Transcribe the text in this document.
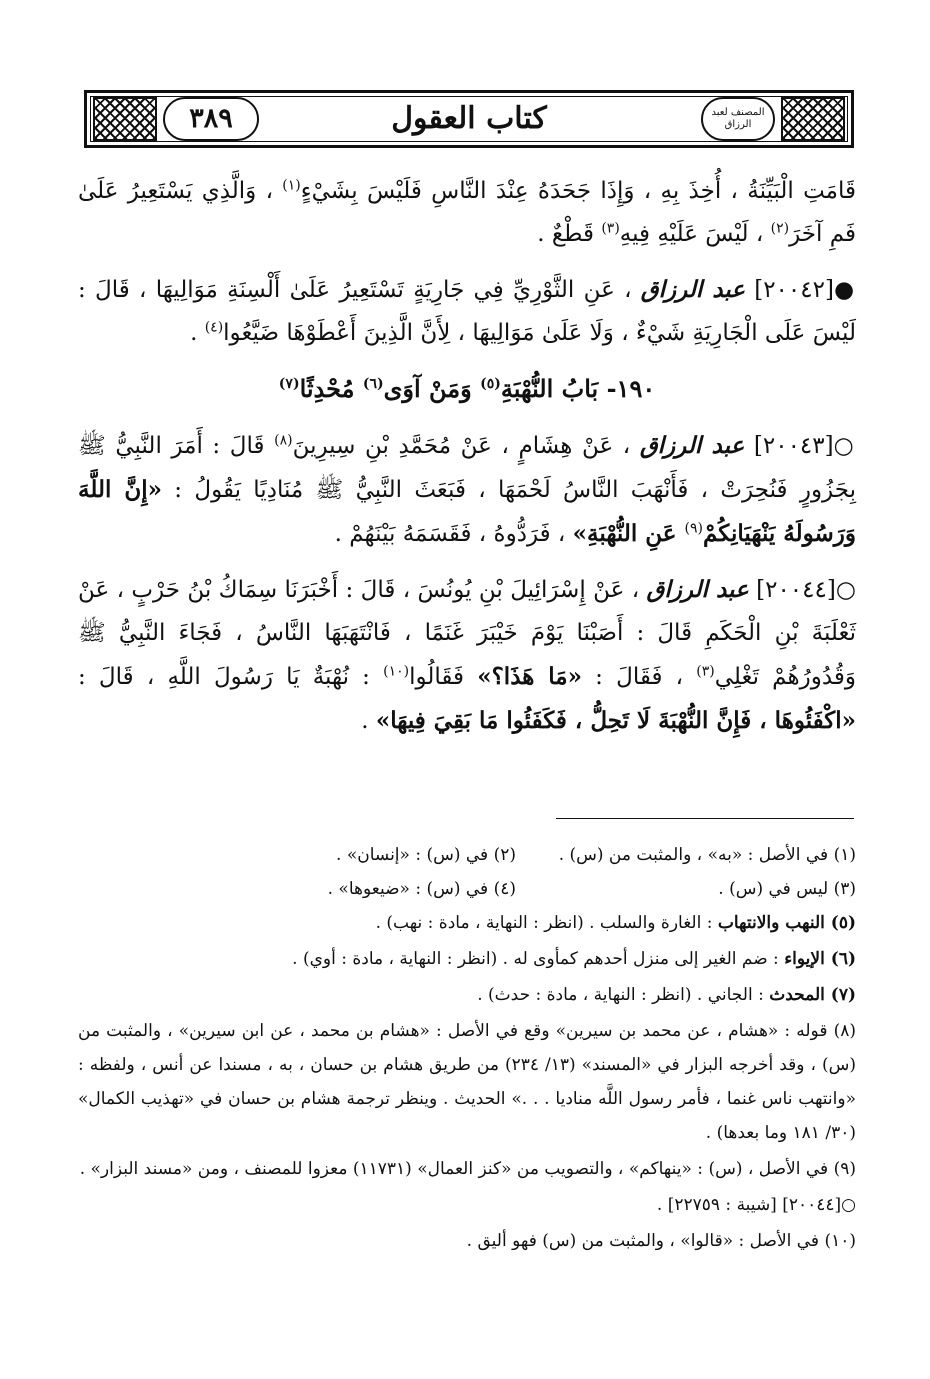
٣٨٩	كتاب العقول	المصنف لعبد الرزاق

قَامَتِ الْبَيِّنَةُ ، أُخِذَ بِهِ ، وَإِذَا جَحَدَهُ عِنْدَ النَّاسِ فَلَيْسَ بِشَيْءٍ$^{(١)}$ ، وَالَّذِي يَسْتَعِيرُ عَلَىٰ فَمِ آخَرَ$^{(٢)}$ ، لَيْسَ عَلَيْهِ فِيهِ$^{(٣)}$ قَطْعٌ .

●[٢٠٠٤٢] عبد الرزاق ، عَنِ الثَّوْرِيِّ فِي جَارِيَةٍ تَسْتَعِيرُ عَلَىٰ أَلْسِنَةِ مَوَالِيهَا ، قَالَ : لَيْسَ عَلَى الْجَارِيَةِ شَيْءٌ ، وَلَا عَلَىٰ مَوَالِيهَا ، لِأَنَّ الَّذِينَ أَعْطَوْهَا ضَيَّعُوا$^{(٤)}$ .

١٩٠- بَابُ النُّهْبَةِ$^{(٥)}$ وَمَنْ آوَى$^{(٦)}$ مُحْدِثًا$^{(٧)}$

○[٢٠٠٤٣] عبد الرزاق ، عَنْ هِشَامٍ ، عَنْ مُحَمَّدِ بْنِ سِيرِينَ$^{(٨)}$ قَالَ : أَمَرَ النَّبِيُّ ﷺ بِجَزُورٍ فَنُحِرَتْ ، فَأَنْهَبَ النَّاسُ لَحْمَهَا ، فَبَعَثَ النَّبِيُّ ﷺ مُنَادِيًا يَقُولُ : «إِنَّ اللَّهَ وَرَسُولَهُ يَنْهَيَانِكُمْ$^{(٩)}$ عَنِ النُّهْبَةِ» ، فَرَدُّوهُ ، فَقَسَمَهُ بَيْنَهُمْ .

○[٢٠٠٤٤] عبد الرزاق ، عَنْ إِسْرَائِيلَ بْنِ يُونُسَ ، قَالَ : أَخْبَرَنَا سِمَاكُ بْنُ حَرْبٍ ، عَنْ ثَعْلَبَةَ بْنِ الْحَكَمِ قَالَ : أَصَبْنَا يَوْمَ خَيْبَرَ غَنَمًا ، فَانْتَهَبَهَا النَّاسُ ، فَجَاءَ النَّبِيُّ ﷺ وَقُدُورُهُمْ تَغْلِي$^{(٣)}$ ، فَقَالَ : «مَا هَذَا؟» فَقَالُوا$^{(١٠)}$ : نُهْبَةٌ يَا رَسُولَ اللَّهِ ، قَالَ : «اكْفَئُوهَا ، فَإِنَّ النُّهْبَةَ لَا تَحِلُّ ، فَكَفَئُوا مَا بَقِيَ فِيهَا» .

(١) في الأصل : «به» ، والمثبت من (س) .
(٢) في (س) : «إنسان» .
(٣) ليس في (س) .
(٤) في (س) : «ضيعوها» .

(٥) النهب والانتهاب : الغارة والسلب . (انظر : النهاية ، مادة : نهب) .

(٦) الإيواء : ضم الغير إلى منزل أحدهم كمأوى له . (انظر : النهاية ، مادة : أوي) .

(٧) المحدث : الجاني . (انظر : النهاية ، مادة : حدث) .

(٨) قوله : «هشام ، عن محمد بن سيرين» وقع في الأصل : «هشام بن محمد ، عن ابن سيرين» ، والمثبت من (س) ، وقد أخرجه البزار في «المسند» (١٣/ ٢٣٤) من طريق هشام بن حسان ، به ، مسندا عن أنس ، ولفظه : «وانتهب ناس غنما ، فأمر رسول اللَّه مناديا . . .» الحديث . وينظر ترجمة هشام بن حسان في «تهذيب الكمال» (٣٠/ ١٨١ وما بعدها) .

(٩) في الأصل ، (س) : «ينهاكم» ، والتصويب من «كنز العمال» (١١٧٣١) معزوا للمصنف ، ومن «مسند البزار» .

○[٢٠٠٤٤] [شيبة : ٢٢٧٥٩] .

(١٠) في الأصل : «قالوا» ، والمثبت من (س) فهو أليق .
